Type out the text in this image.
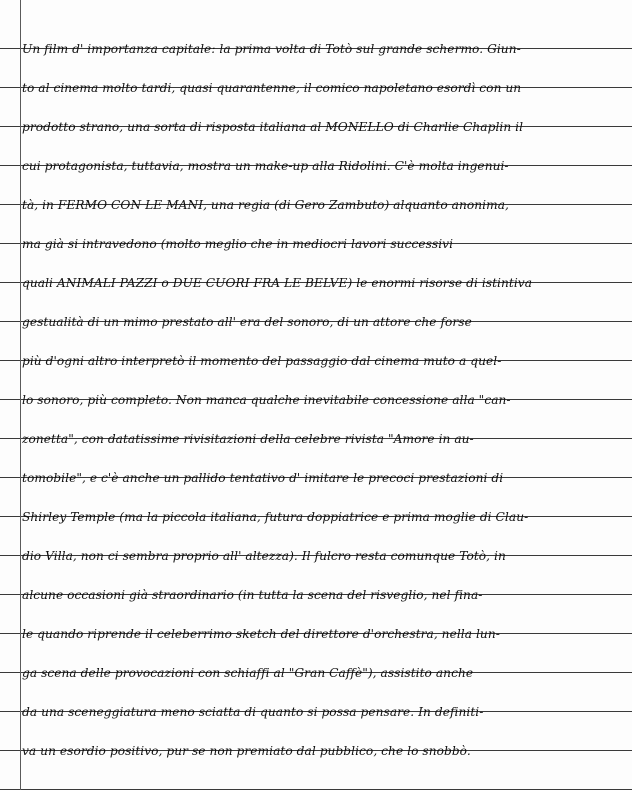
Un film d' importanza capitale: la prima volta di Totò sul grande schermo. Giun-
to al cinema molto tardi, quasi quarantenne, il comico napoletano esordì con un
prodotto strano, una sorta di risposta italiana al MONELLO di Charlie Chaplin il
cui protagonista, tuttavia, mostra un make-up alla Ridolini. C'è molta ingenui-
tà, in FERMO CON LE MANI, una regia (di Gero Zambuto) alquanto anonima,
ma già si intravedono (molto meglio che in mediocri lavori successivi
quali ANIMALI PAZZI o DUE CUORI FRA LE BELVE) le enormi risorse di istintiva
gestualità di un mimo prestato all' era del sonoro, di un attore che forse
più d'ogni altro interpretò il momento del passaggio dal cinema muto a quel-
lo sonoro, più completo. Non manca qualche inevitabile concessione alla "can-
zonetta", con datatissime rivisitazioni della celebre rivista "Amore in au-
tomobile", e c'è anche un pallido tentativo d' imitare le precoci prestazioni di
Shirley Temple (ma la piccola italiana, futura doppiatrice e prima moglie di Clau-
dio Villa, non ci sembra proprio all' altezza). Il fulcro resta comunque Totò, in
alcune occasioni già straordinario (in tutta la scena del risveglio, nel fina-
le quando riprende il celeberrimo sketch del direttore d'orchestra, nella lun-
ga scena delle provocazioni con schiaffi al "Gran Caffè"), assistito anche
da una sceneggiatura meno sciatta di quanto si possa pensare. In definiti-
va un esordio positivo, pur se non premiato dal pubblico, che lo snobbò.
